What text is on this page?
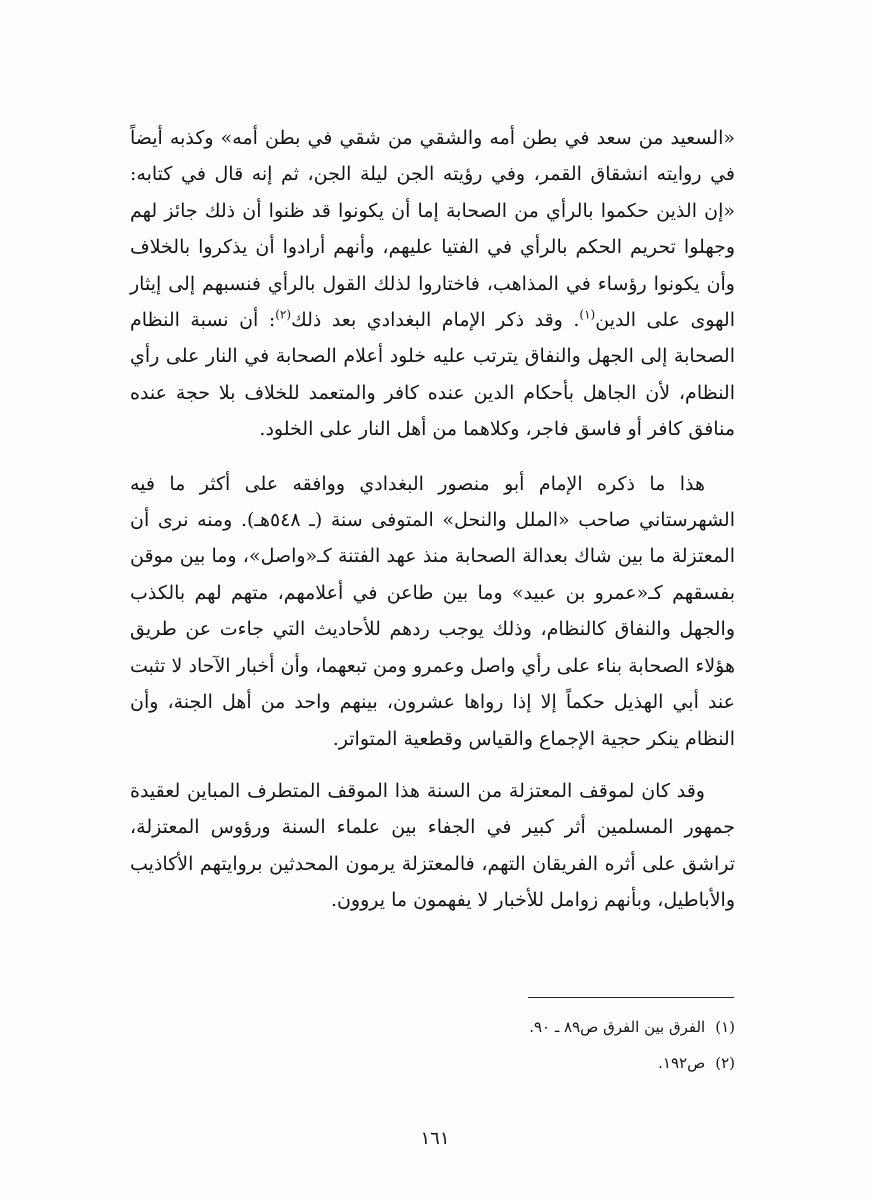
«السعيد من سعد في بطن أمه والشقي من شقي في بطن أمه» وكذبه أيضاً في روايته انشقاق القمر، وفي رؤيته الجن ليلة الجن، ثم إنه قال في كتابه: «إن الذين حكموا بالرأي من الصحابة إما أن يكونوا قد ظنوا أن ذلك جائز لهم وجهلوا تحريم الحكم بالرأي في الفتيا عليهم، وأنهم أرادوا أن يذكروا بالخلاف وأن يكونوا رؤساء في المذاهب، فاختاروا لذلك القول بالرأي فنسبهم إلى إيثار الهوى على الدين$^{(١)}$. وقد ذكر الإمام البغدادي بعد ذلك$^{(٢)}$: أن نسبة النظام الصحابة إلى الجهل والنفاق يترتب عليه خلود أعلام الصحابة في النار على رأي النظام، لأن الجاهل بأحكام الدين عنده كافر والمتعمد للخلاف بلا حجة عنده منافق كافر أو فاسق فاجر، وكلاهما من أهل النار على الخلود.

هذا ما ذكره الإمام أبو منصور البغدادي ووافقه على أكثر ما فيه الشهرستاني صاحب «الملل والنحل» المتوفى سنة (ـ ٥٤٨هـ). ومنه نرى أن المعتزلة ما بين شاك بعدالة الصحابة منذ عهد الفتنة كـ«واصل»، وما بين موقن بفسقهم كـ«عمرو بن عبيد» وما بين طاعن في أعلامهم، متهم لهم بالكذب والجهل والنفاق كالنظام، وذلك يوجب ردهم للأحاديث التي جاءت عن طريق هؤلاء الصحابة بناء على رأي واصل وعمرو ومن تبعهما، وأن أخبار الآحاد لا تثبت عند أبي الهذيل حكماً إلا إذا رواها عشرون، بينهم واحد من أهل الجنة، وأن النظام ينكر حجية الإجماع والقياس وقطعية المتواتر.

وقد كان لموقف المعتزلة من السنة هذا الموقف المتطرف المباين لعقيدة جمهور المسلمين أثر كبير في الجفاء بين علماء السنة ورؤوس المعتزلة، تراشق على أثره الفريقان التهم، فالمعتزلة يرمون المحدثين بروايتهم الأكاذيب والأباطيل، وبأنهم زوامل للأخبار لا يفهمون ما يروون.

(١)الفرق بين الفرق ص٨٩ ـ ٩٠.

(٢)ص١٩٢.

١٦١
